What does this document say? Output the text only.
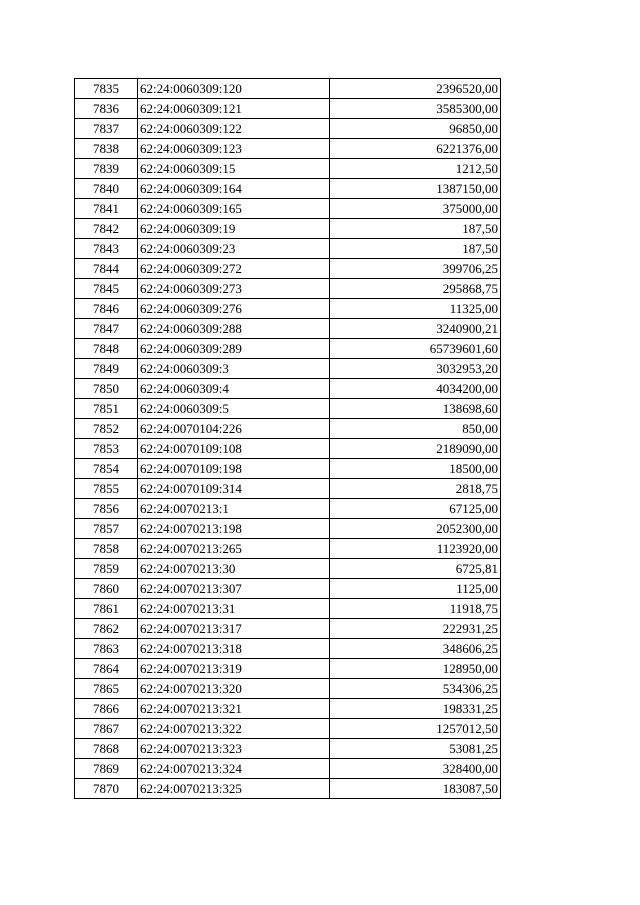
7835	62:24:0060309:120	2396520,00
7836	62:24:0060309:121	3585300,00
7837	62:24:0060309:122	96850,00
7838	62:24:0060309:123	6221376,00
7839	62:24:0060309:15	1212,50
7840	62:24:0060309:164	1387150,00
7841	62:24:0060309:165	375000,00
7842	62:24:0060309:19	187,50
7843	62:24:0060309:23	187,50
7844	62:24:0060309:272	399706,25
7845	62:24:0060309:273	295868,75
7846	62:24:0060309:276	11325,00
7847	62:24:0060309:288	3240900,21
7848	62:24:0060309:289	65739601,60
7849	62:24:0060309:3	3032953,20
7850	62:24:0060309:4	4034200,00
7851	62:24:0060309:5	138698,60
7852	62:24:0070104:226	850,00
7853	62:24:0070109:108	2189090,00
7854	62:24:0070109:198	18500,00
7855	62:24:0070109:314	2818,75
7856	62:24:0070213:1	67125,00
7857	62:24:0070213:198	2052300,00
7858	62:24:0070213:265	1123920,00
7859	62:24:0070213:30	6725,81
7860	62:24:0070213:307	1125,00
7861	62:24:0070213:31	11918,75
7862	62:24:0070213:317	222931,25
7863	62:24:0070213:318	348606,25
7864	62:24:0070213:319	128950,00
7865	62:24:0070213:320	534306,25
7866	62:24:0070213:321	198331,25
7867	62:24:0070213:322	1257012,50
7868	62:24:0070213:323	53081,25
7869	62:24:0070213:324	328400,00
7870	62:24:0070213:325	183087,50
